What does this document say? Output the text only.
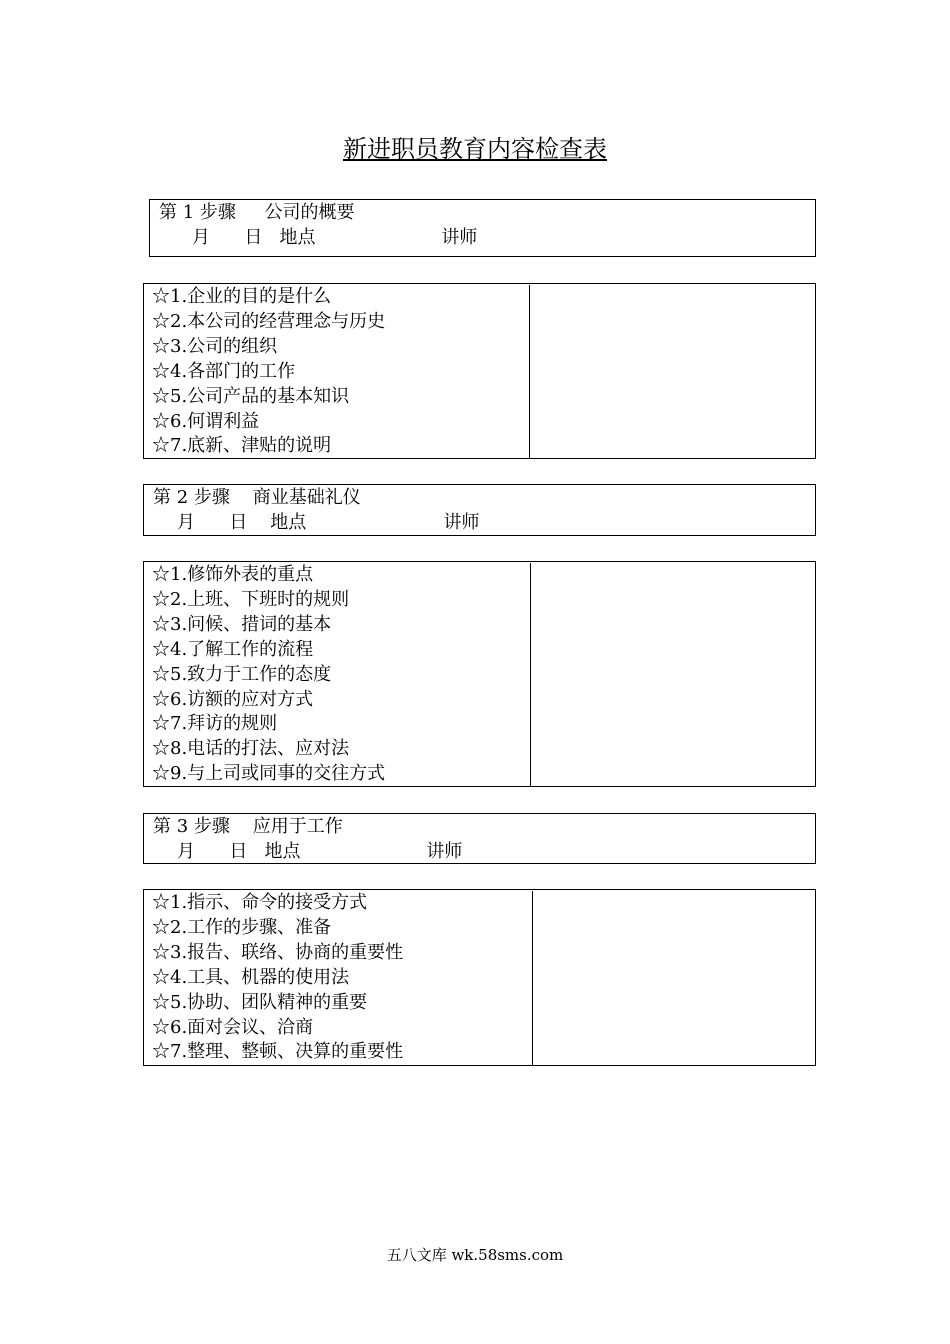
新进职员教育内容检查表
第 1 步骤     公司的概要
月      日   地点                      讲师
☆1.企业的目的是什么
☆2.本公司的经营理念与历史
☆3.公司的组织
☆4.各部门的工作
☆5.公司产品的基本知识
☆6.何谓利益
☆7.底新、津贴的说明
第 2 步骤    商业基础礼仪
月      日    地点                        讲师
☆1.修饰外表的重点
☆2.上班、下班时的规则
☆3.问候、措词的基本
☆4.了解工作的流程
☆5.致力于工作的态度
☆6.访额的应对方式
☆7.拜访的规则
☆8.电话的打法、应对法
☆9.与上司或同事的交往方式
第 3 步骤    应用于工作
月      日   地点                      讲师
☆1.指示、命令的接受方式
☆2.工作的步骤、准备
☆3.报告、联络、协商的重要性
☆4.工具、机器的使用法
☆5.协助、团队精神的重要
☆6.面对会议、洽商
☆7.整理、整顿、决算的重要性
五八文库 wk.58sms.com
